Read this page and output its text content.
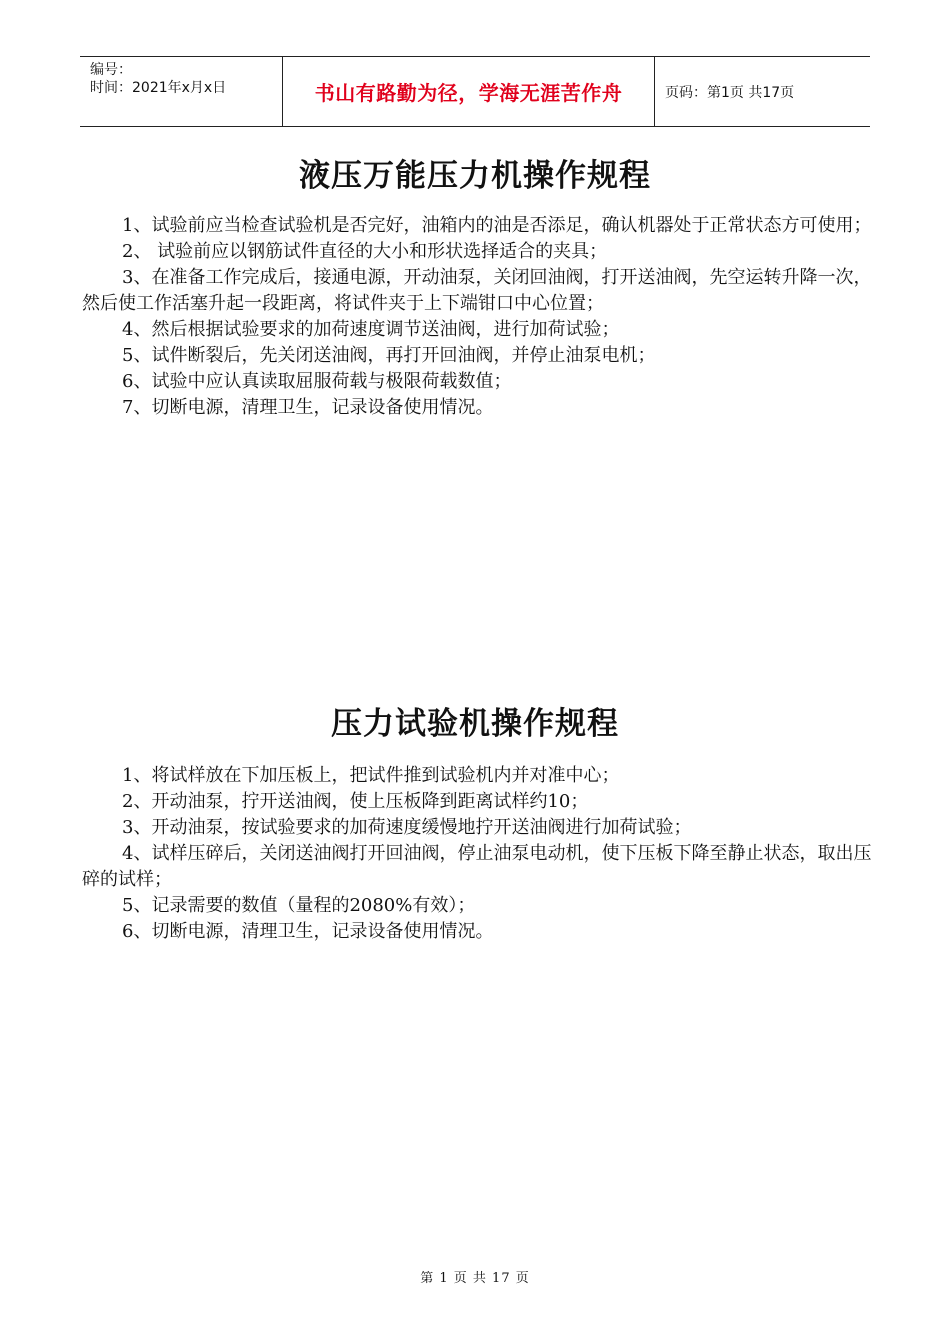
编号：
时间：2021年x月x日	书山有路勤为径，学海无涯苦作舟	页码：第1页 共17页
液压万能压力机操作规程
1、试验前应当检查试验机是否完好，油箱内的油是否添足，确认机器处于正常状态方可使用；
2、 试验前应以钢筋试件直径的大小和形状选择适合的夹具；
3、在准备工作完成后，接通电源，开动油泵，关闭回油阀，打开送油阀，先空运转升降一次，然后使工作活塞升起一段距离，将试件夹于上下端钳口中心位置；
4、然后根据试验要求的加荷速度调节送油阀，进行加荷试验；
5、试件断裂后，先关闭送油阀，再打开回油阀，并停止油泵电机；
6、试验中应认真读取屈服荷载与极限荷载数值；
7、切断电源，清理卫生，记录设备使用情况。
压力试验机操作规程
1、将试样放在下加压板上，把试件推到试验机内并对准中心；
2、开动油泵，拧开送油阀，使上压板降到距离试样约10；
3、开动油泵，按试验要求的加荷速度缓慢地拧开送油阀进行加荷试验；
4、试样压碎后，关闭送油阀打开回油阀，停止油泵电动机，使下压板下降至静止状态，取出压碎的试样；
5、记录需要的数值（量程的2080%有效）；
6、切断电源，清理卫生，记录设备使用情况。
第 1 页 共 17 页
